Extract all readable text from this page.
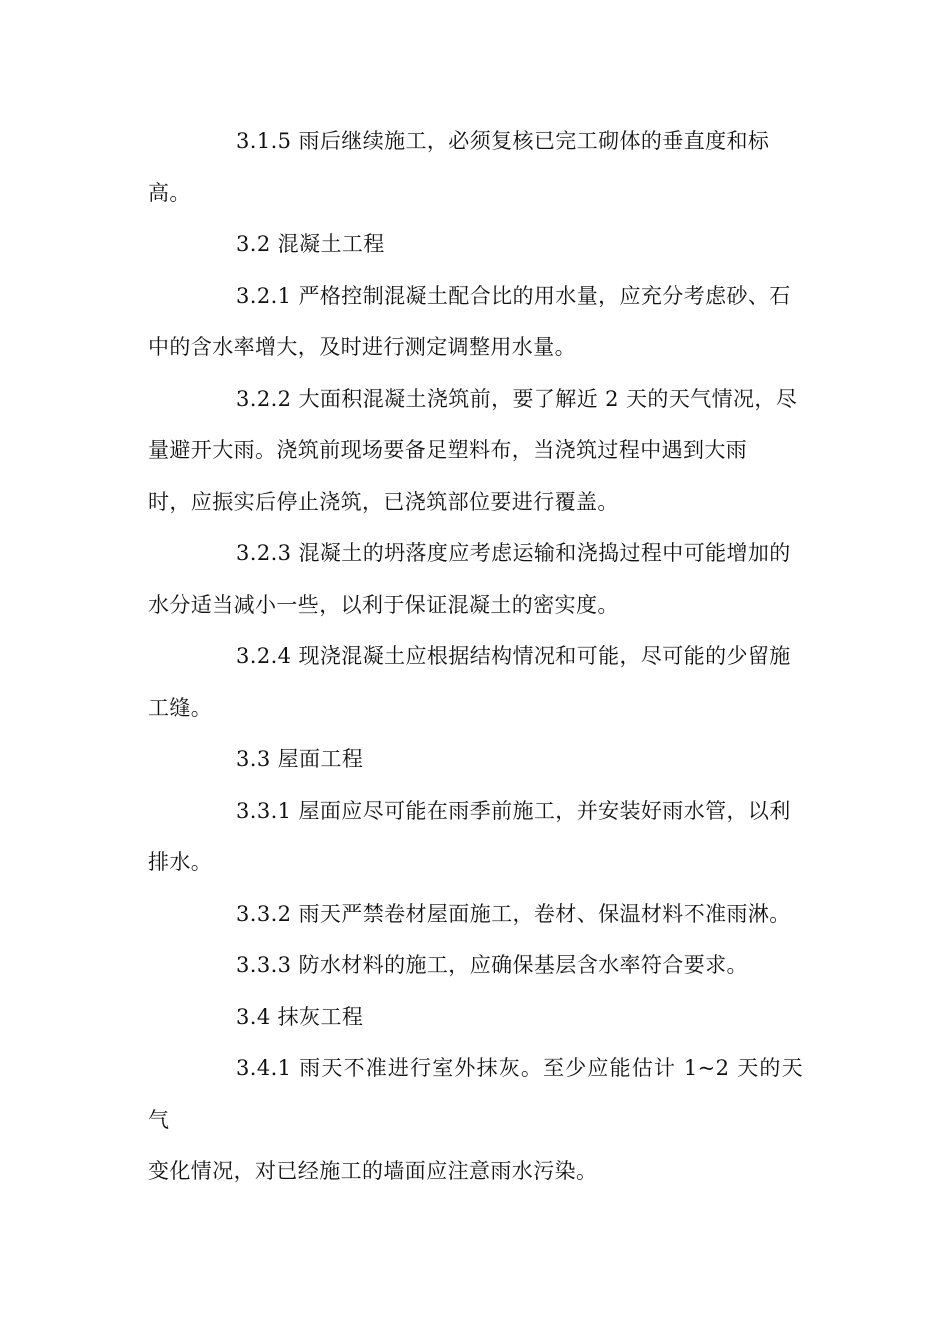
3.1.5 雨后继续施工，必须复核已完工砌体的垂直度和标
高。

3.2 混凝土工程

3.2.1 严格控制混凝土配合比的用水量，应充分考虑砂、石
中的含水率增大，及时进行测定调整用水量。

3.2.2 大面积混凝土浇筑前，要了解近 2 天的天气情况，尽
量避开大雨。浇筑前现场要备足塑料布，当浇筑过程中遇到大雨
时，应振实后停止浇筑，已浇筑部位要进行覆盖。

3.2.3 混凝土的坍落度应考虑运输和浇捣过程中可能增加的
水分适当减小一些，以利于保证混凝土的密实度。

3.2.4 现浇混凝土应根据结构情况和可能，尽可能的少留施
工缝。

3.3 屋面工程

3.3.1 屋面应尽可能在雨季前施工，并安装好雨水管，以利
排水。

3.3.2 雨天严禁卷材屋面施工，卷材、保温材料不准雨淋。

3.3.3 防水材料的施工，应确保基层含水率符合要求。

3.4 抹灰工程

3.4.1 雨天不准进行室外抹灰。至少应能估计 1~2 天的天气
变化情况，对已经施工的墙面应注意雨水污染。
